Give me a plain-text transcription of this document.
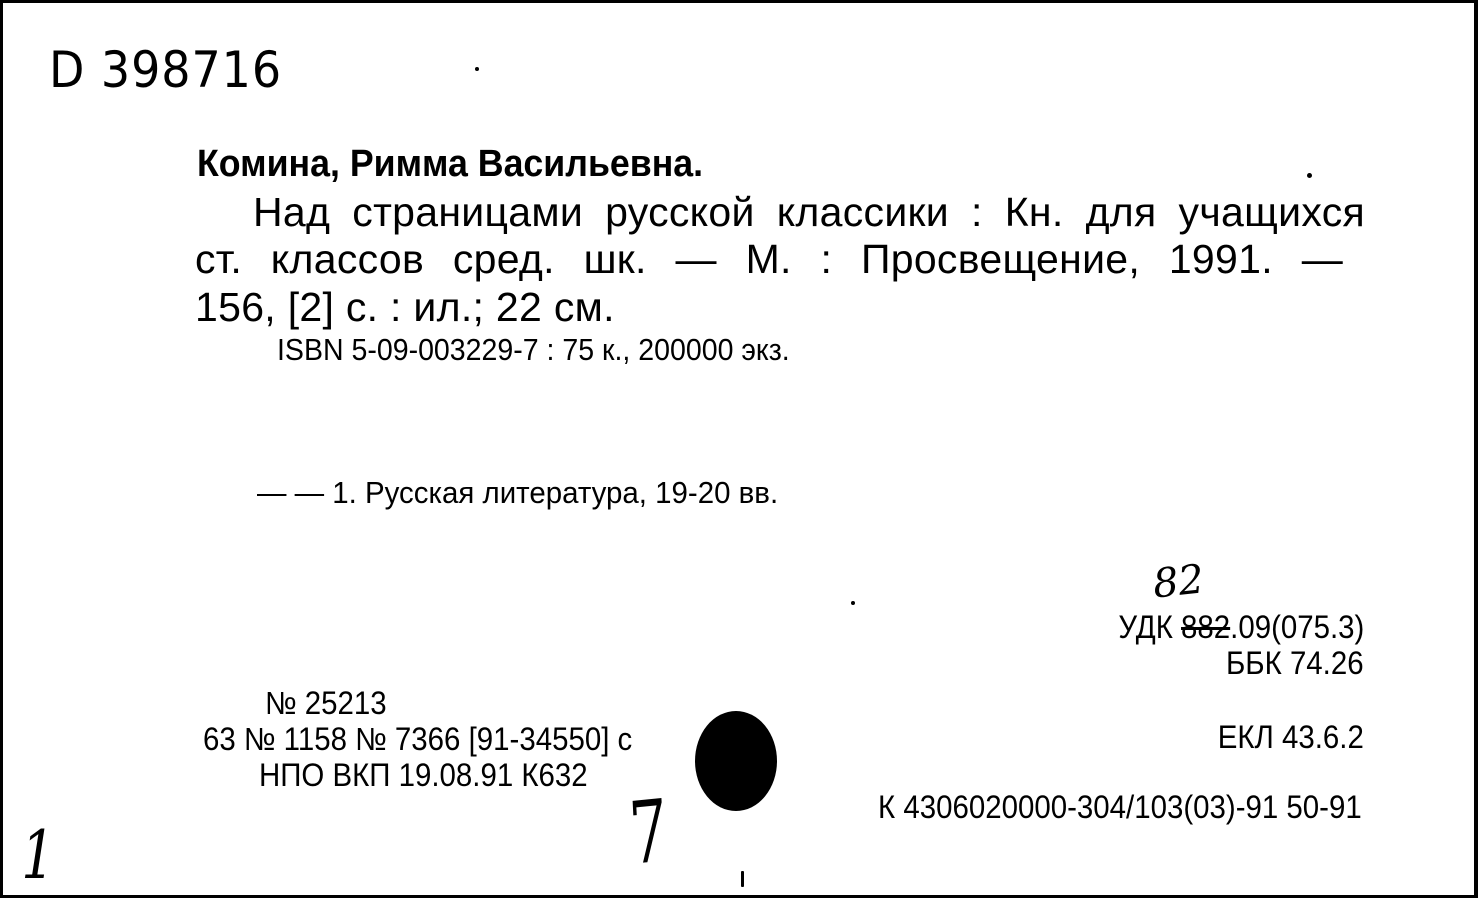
D 398716
Комина, Римма Васильевна.
Над страницами русской классики : Кн. для учащихся
ст. классов сред. шк. — М. : Просвещение, 1991. —
156, [2] с. : ил.; 22 см.
ISBN 5-09-003229-7 : 75 к., 200000 экз.
— — 1. Русская литература, 19-20 вв.
82
УДК 882.09(075.3)
ББК 74.26
ЕКЛ 43.6.2
К 4306020000-304/103(03)-91 50-91
№ 25213
63 № 1158 № 7366 [91-34550] с
НПО ВКП 19.08.91 К632
1	7
